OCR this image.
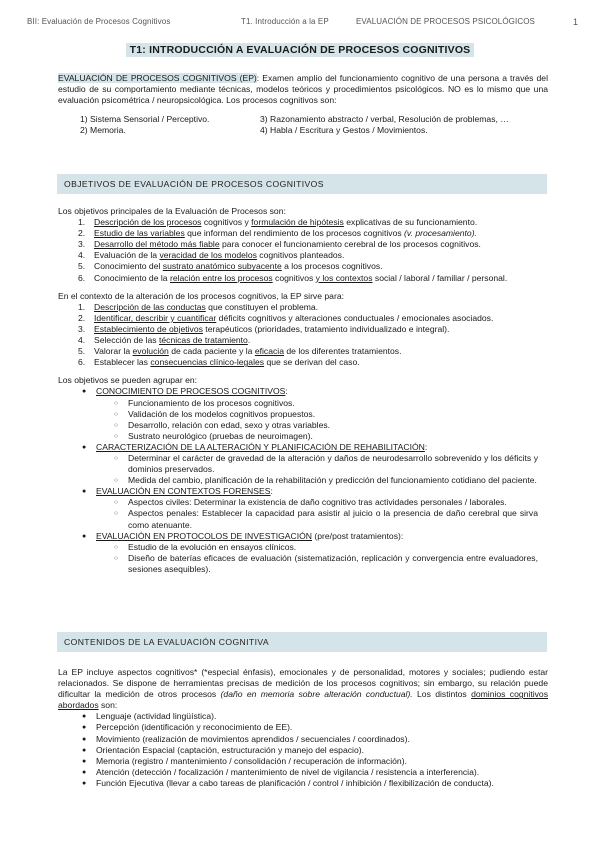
BII: Evaluación de Procesos Cognitivos	T1. Introducción a la EP	EVALUACIÓN DE PROCESOS PSICOLÓGICOS	1
T1: INTRODUCCIÓN A EVALUACIÓN DE PROCESOS COGNITIVOS

EVALUACIÓN DE PROCESOS COGNITIVOS (EP): Examen amplio del funcionamiento cognitivo de una persona a través del estudio de su comportamiento mediante técnicas, modelos teóricos y procedimientos psicológicos. NO es lo mismo que una evaluación psicométrica / neuropsicológica. Los procesos cognitivos son:

1) Sistema Sensorial / Perceptivo.	3) Razonamiento abstracto / verbal, Resolución de problemas, …
2) Memoria.	4) Habla / Escritura y Gestos / Movimientos.
OBJETIVOS DE EVALUACIÓN DE PROCESOS COGNITIVOS

Los objetivos principales de la Evaluación de Procesos son:

1.	Descripción de los procesos cognitivos y formulación de hipótesis explicativas de su funcionamiento.
2.	Estudio de las variables que informan del rendimiento de los procesos cognitivos (v. procesamiento).
3.	Desarrollo del método más fiable para conocer el funcionamiento cerebral de los procesos cognitivos.
4.	Evaluación de la veracidad de los modelos cognitivos planteados.
5.	Conocimiento del sustrato anatómico subyacente a los procesos cognitivos.
6.	Conocimiento de la relación entre los procesos cognitivos y los contextos social / laboral / familiar / personal.

En el contexto de la alteración de los procesos cognitivos, la EP sirve para:

1.	Descripción de las conductas que constituyen el problema.
2.	Identificar, describir y cuantificar déficits cognitivos y alteraciones conductuales / emocionales asociados.
3.	Establecimiento de objetivos terapéuticos (prioridades, tratamiento individualizado e integral).
4.	Selección de las técnicas de tratamiento.
5.	Valorar la evolución de cada paciente y la eficacia de los diferentes tratamientos.
6.	Establecer las consecuencias clínico-legales que se derivan del caso.

Los objetivos se pueden agrupar en:

●	CONOCIMIENTO DE PROCESOS COGNITIVOS:
○	Funcionamiento de los procesos cognitivos.
○	Validación de los modelos cognitivos propuestos.
○	Desarrollo, relación con edad, sexo y otras variables.
○	Sustrato neurológico (pruebas de neuroimagen).
●	CARACTERIZACIÓN DE LA ALTERACIÓN Y PLANIFICACIÓN DE REHABILITACIÓN:
○	Determinar el carácter de gravedad de la alteración y daños de neurodesarrollo sobrevenido y los déficits y dominios preservados.
○	Medida del cambio, planificación de la rehabilitación y predicción del funcionamiento cotidiano del paciente.
●	EVALUACIÓN EN CONTEXTOS FORENSES:
○	Aspectos civiles: Determinar la existencia de daño cognitivo tras actividades personales / laborales.
○	Aspectos penales: Establecer la capacidad para asistir al juicio o la presencia de daño cerebral que sirva como atenuante.
●	EVALUACIÓN EN PROTOCOLOS DE INVESTIGACIÓN (pre/post tratamientos):
○	Estudio de la evolución en ensayos clínicos.
○	Diseño de baterías eficaces de evaluación (sistematización, replicación y convergencia entre evaluadores, sesiones asequibles).
CONTENIDOS DE LA EVALUACIÓN COGNITIVA

La EP incluye aspectos cognitivos* (*especial énfasis), emocionales y de personalidad, motores y sociales; pudiendo estar relacionados. Se dispone de herramientas precisas de medición de los procesos cognitivos; sin embargo, su relación puede dificultar la medición de otros procesos (daño en memoria sobre alteración conductual). Los distintos dominios cognitivos abordados son:

●	Lenguaje (actividad lingüística).
●	Percepción (identificación y reconocimiento de EE).
●	Movimiento (realización de movimientos aprendidos / secuenciales / coordinados).
●	Orientación Espacial (captación, estructuración y manejo del espacio).
●	Memoria (registro / mantenimiento / consolidación / recuperación de información).
●	Atención (detección / focalización / mantenimiento de nivel de vigilancia / resistencia a interferencia).
●	Función Ejecutiva (llevar a cabo tareas de planificación / control / inhibición / flexibilización de conducta).
